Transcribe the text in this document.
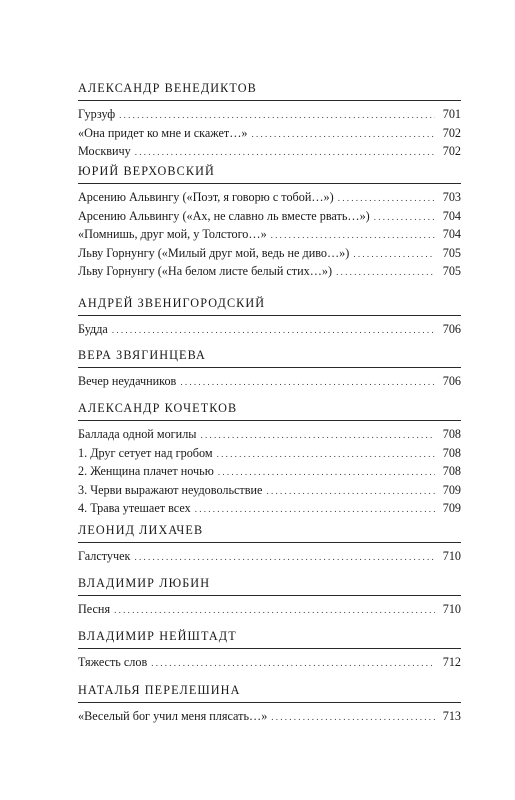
АЛЕКСАНДР ВЕНЕДИКТОВ
Гурзуф . . .	701
«Она придет ко мне и скажет…» . . .	702
Москвичу . . .	702
ЮРИЙ ВЕРХОВСКИЙ
Арсению Альвингу («Поэт, я говорю с тобой…») . . .	703
Арсению Альвингу («Ах, не славно ль вместе рвать…») . . .	704
«Помнишь, друг мой, у Толстого…» . . .	704
Льву Горнунгу («Милый друг мой, ведь не диво…») . . .	705
Льву Горнунгу («На белом листе белый стих…») . . .	705
АНДРЕЙ ЗВЕНИГОРОДСКИЙ
Будда . . .	706
ВЕРА ЗВЯГИНЦЕВА
Вечер неудачников . . .	706
АЛЕКСАНДР КОЧЕТКОВ
Баллада одной могилы . . .	708
1. Друг сетует над гробом . . .	708
2. Женщина плачет ночью . . .	708
3. Черви выражают неудовольствие . . .	709
4. Трава утешает всех . . .	709
ЛЕОНИД ЛИХАЧЕВ
Галстучек . . .	710
ВЛАДИМИР ЛЮБИН
Песня . . .	710
ВЛАДИМИР НЕЙШТАДТ
Тяжесть слов . . .	712
НАТАЛЬЯ ПЕРЕЛЕШИНА
«Веселый бог учил меня плясать…» . . .	713
